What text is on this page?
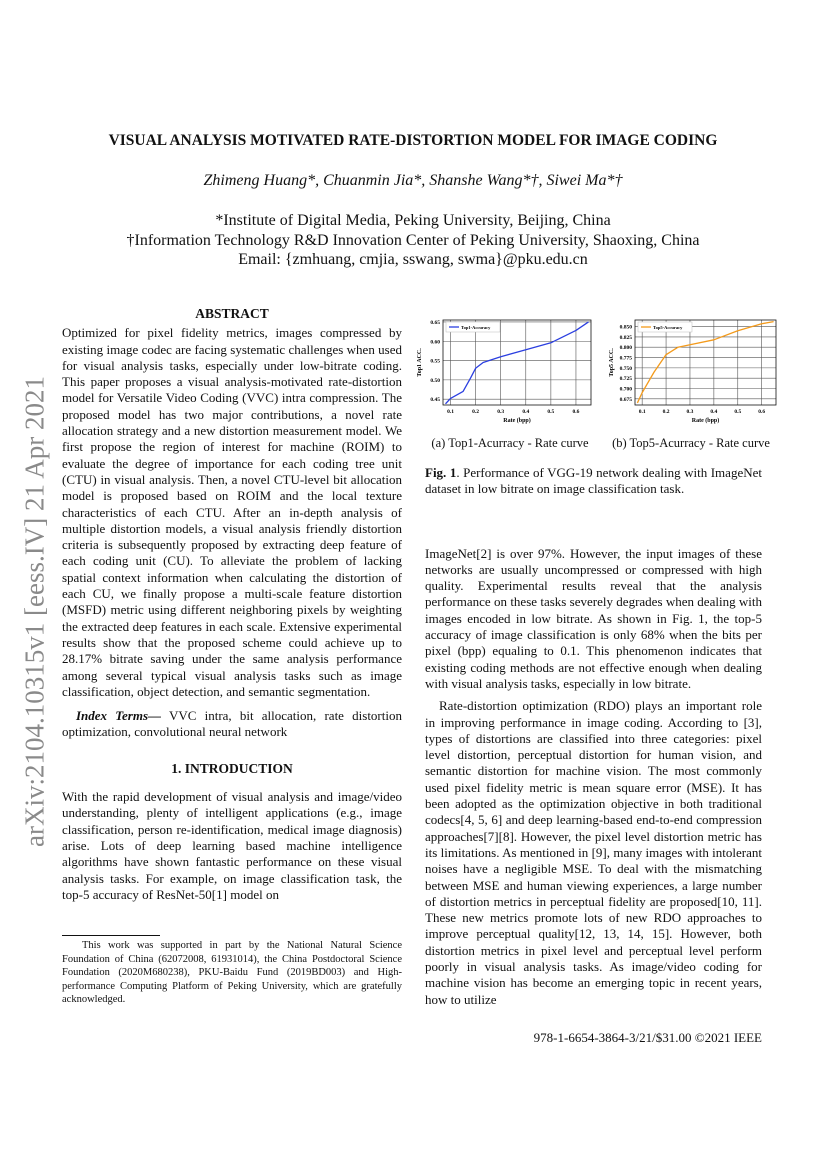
arXiv:2104.10315v1 [eess.IV] 21 Apr 2021
VISUAL ANALYSIS MOTIVATED RATE-DISTORTION MODEL FOR IMAGE CODING
Zhimeng Huang*, Chuanmin Jia*, Shanshe Wang*†, Siwei Ma*†
*Institute of Digital Media, Peking University, Beijing, China
†Information Technology R&D Innovation Center of Peking University, Shaoxing, China
Email: {zmhuang, cmjia, sswang, swma}@pku.edu.cn

ABSTRACT

Optimized for pixel fidelity metrics, images compressed by existing image codec are facing systematic challenges when used for visual analysis tasks, especially under low-bitrate coding. This paper proposes a visual analysis-motivated rate-distortion model for Versatile Video Coding (VVC) intra compression. The proposed model has two major contributions, a novel rate allocation strategy and a new distortion measurement model. We first propose the region of interest for machine (ROIM) to evaluate the degree of importance for each coding tree unit (CTU) in visual analysis. Then, a novel CTU-level bit allocation model is proposed based on ROIM and the local texture characteristics of each CTU. After an in-depth analysis of multiple distortion models, a visual analysis friendly distortion criteria is subsequently proposed by extracting deep feature of each coding unit (CU). To alleviate the problem of lacking spatial context information when calculating the distortion of each CU, we finally propose a multi-scale feature distortion (MSFD) metric using different neighboring pixels by weighting the extracted deep features in each scale. Extensive experimental results show that the proposed scheme could achieve up to 28.17% bitrate saving under the same analysis performance among several typical visual analysis tasks such as image classification, object detection, and semantic segmentation.

Index Terms— VVC intra, bit allocation, rate distortion optimization, convolutional neural network

1. INTRODUCTION

With the rapid development of visual analysis and image/video understanding, plenty of intelligent applications (e.g., image classification, person re-identification, medical image diagnosis) arise. Lots of deep learning based machine intelligence algorithms have shown fantastic performance on these visual analysis tasks. For example, on image classification task, the top-5 accuracy of ResNet-50[1] model on

This work was supported in part by the National Natural Science Foundation of China (62072008, 61931014), the China Postdoctoral Science Foundation (2020M680238), PKU-Baidu Fund (2019BD003) and High-performance Computing Platform of Peking University, which are gratefully acknowledged.
0.1	0.2	0.3	0.4	0.5	0.6
0.45
0.50
0.55
0.60
0.65
Top1-Accuracy
Rate (bpp)
Top1 ACC.
0.1	0.2	0.3	0.4	0.5	0.6
0.675
0.700
0.725
0.750
0.775
0.800
0.825
0.850	Top5-Accuracy
Rate (bpp)
Top5 ACC.
(a) Top1-Acurracy - Rate curve	(b) Top5-Acurracy - Rate curve

Fig. 1. Performance of VGG-19 network dealing with ImageNet dataset in low bitrate on image classification task.

ImageNet[2] is over 97%. However, the input images of these networks are usually uncompressed or compressed with high quality. Experimental results reveal that the analysis performance on these tasks severely degrades when dealing with images encoded in low bitrate. As shown in Fig. 1, the top-5 accuracy of image classification is only 68% when the bits per pixel (bpp) equaling to 0.1. This phenomenon indicates that existing coding methods are not effective enough when dealing with visual analysis tasks, especially in low bitrate.

Rate-distortion optimization (RDO) plays an important role in improving performance in image coding. According to [3], types of distortions are classified into three categories: pixel level distortion, perceptual distortion for human vision, and semantic distortion for machine vision. The most commonly used pixel fidelity metric is mean square error (MSE). It has been adopted as the optimization objective in both traditional codecs[4, 5, 6] and deep learning-based end-to-end compression approaches[7][8]. However, the pixel level distortion metric has its limitations. As mentioned in [9], many images with intolerant noises have a negligible MSE. To deal with the mismatching between MSE and human viewing experiences, a large number of distortion metrics in perceptual fidelity are proposed[10, 11]. These new metrics promote lots of new RDO approaches to improve perceptual quality[12, 13, 14, 15]. However, both distortion metrics in pixel level and perceptual level perform poorly in visual analysis tasks. As image/video coding for machine vision has become an emerging topic in recent years, how to utilize

978-1-6654-3864-3/21/$31.00 ©2021 IEEE
